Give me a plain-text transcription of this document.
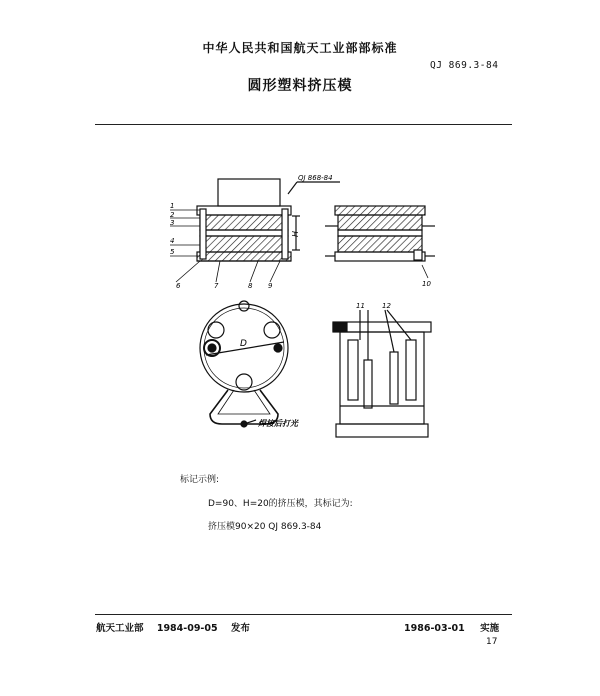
中华人民共和国航天工业部部标准
QJ 869.3-84
圆形塑料挤压模
QJ 868-84
H
1
2
3
4
5
6	7	8 9	10
D
焊接后打光
11 12
标记示例:
D=90、H=20的挤压模，其标记为:
挤压模90×20 QJ 869.3-84
航天工业部 1984-09-05 发布	1986-03-01 实施
17
